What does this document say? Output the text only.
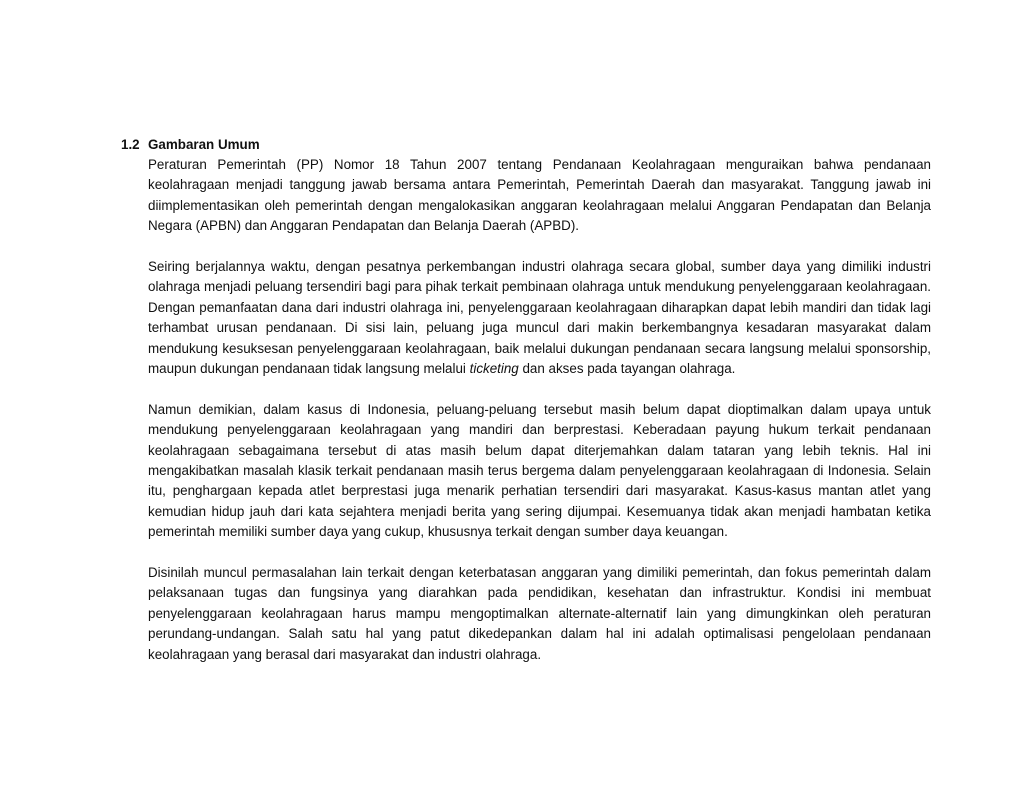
1.2 Gambaran Umum

Peraturan Pemerintah (PP) Nomor 18 Tahun 2007 tentang Pendanaan Keolahragaan menguraikan bahwa pendanaan keolahragaan menjadi tanggung jawab bersama antara Pemerintah, Pemerintah Daerah dan masyarakat. Tanggung jawab ini diimplementasikan oleh pemerintah dengan mengalokasikan anggaran keolahragaan melalui Anggaran Pendapatan dan Belanja Negara (APBN) dan Anggaran Pendapatan dan Belanja Daerah (APBD).

Seiring berjalannya waktu, dengan pesatnya perkembangan industri olahraga secara global, sumber daya yang dimiliki industri olahraga menjadi peluang tersendiri bagi para pihak terkait pembinaan olahraga untuk mendukung penyelenggaraan keolahragaan. Dengan pemanfaatan dana dari industri olahraga ini, penyelenggaraan keolahragaan diharapkan dapat lebih mandiri dan tidak lagi terhambat urusan pendanaan. Di sisi lain, peluang juga muncul dari makin berkembangnya kesadaran masyarakat dalam mendukung kesuksesan penyelenggaraan keolahragaan, baik melalui dukungan pendanaan secara langsung melalui sponsorship, maupun dukungan pendanaan tidak langsung melalui ticketing dan akses pada tayangan olahraga.

Namun demikian, dalam kasus di Indonesia, peluang-peluang tersebut masih belum dapat dioptimalkan dalam upaya untuk mendukung penyelenggaraan keolahragaan yang mandiri dan berprestasi. Keberadaan payung hukum terkait pendanaan keolahragaan sebagaimana tersebut di atas masih belum dapat diterjemahkan dalam tataran yang lebih teknis. Hal ini mengakibatkan masalah klasik terkait pendanaan masih terus bergema dalam penyelenggaraan keolahragaan di Indonesia. Selain itu, penghargaan kepada atlet berprestasi juga menarik perhatian tersendiri dari masyarakat. Kasus-kasus mantan atlet yang kemudian hidup jauh dari kata sejahtera menjadi berita yang sering dijumpai. Kesemuanya tidak akan menjadi hambatan ketika pemerintah memiliki sumber daya yang cukup, khususnya terkait dengan sumber daya keuangan.

Disinilah muncul permasalahan lain terkait dengan keterbatasan anggaran yang dimiliki pemerintah, dan fokus pemerintah dalam pelaksanaan tugas dan fungsinya yang diarahkan pada pendidikan, kesehatan dan infrastruktur. Kondisi ini membuat penyelenggaraan keolahragaan harus mampu mengoptimalkan alternate-alternatif lain yang dimungkinkan oleh peraturan perundang-undangan. Salah satu hal yang patut dikedepankan dalam hal ini adalah optimalisasi pengelolaan pendanaan keolahragaan yang berasal dari masyarakat dan industri olahraga.
